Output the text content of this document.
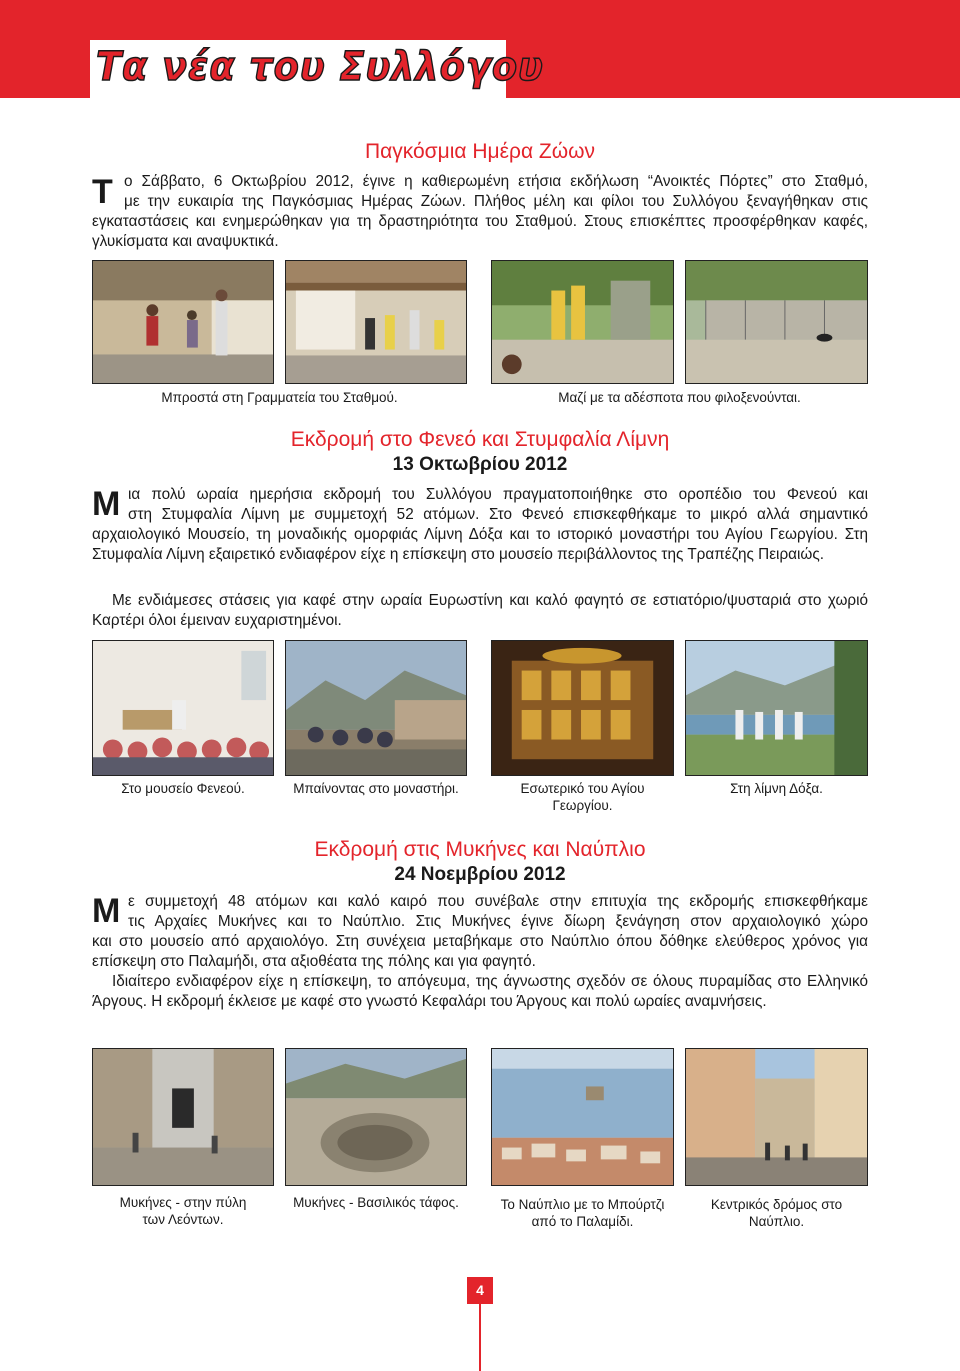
Τα νέα του Συλλόγου
Παγκόσμια Ημέρα Ζώων
Τ ο Σάββατο, 6 Οκτωβρίου 2012, έγινε η καθιερωμένη ετήσια εκδήλωση “Ανοικτές Πόρτες” στο Σταθμό,
με την ευκαιρία της Παγκόσμιας Ημέρας Ζώων. Πλήθος μέλη και φίλοι του Συλλόγου ξεναγήθηκαν στις
εγκαταστάσεις και ενημερώθηκαν για τη δραστηριότητα του Σταθμού. Στους επισκέπτες προσφέρθηκαν καφές, γλυκίσματα και αναψυκτικά.
Μπροστά στη Γραμματεία του Σταθμού.	Μαζί με τα αδέσποτα που φιλοξενούνται.
Εκδρομή στο Φενεό και Στυμφαλία Λίμνη
13 Οκτωβρίου 2012
Μ ια πολύ ωραία ημερήσια εκδρομή του Συλλόγου πραγματοποιήθηκε στο οροπέδιο του Φενεού και
στη Στυμφαλία Λίμνη με συμμετοχή 52 ατόμων. Στο Φενεό επισκεφθήκαμε το μικρό αλλά σημαντικό
αρχαιολογικό Μουσείο, τη μοναδικής ομορφιάς Λίμνη Δόξα και το ιστορικό μοναστήρι του Αγίου Γεωργίου. Στη Στυμφαλία Λίμνη εξαιρετικό ενδιαφέρον είχε η επίσκεψη στο μουσείο περιβάλλοντος της Τραπέζης Πειραιώς.
Με ενδιάμεσες στάσεις για καφέ στην ωραία Ευρωστίνη και καλό φαγητό σε εστιατόριο/ψυσταριά στο χωριό Καρτέρι όλοι έμειναν ευχαριστημένοι.
Στο μουσείο Φενεού.	Μπαίνοντας στο μοναστήρι.	Εσωτερικό του Αγίου Γεωργίου.
Στη λίμνη Δόξα.
Εκδρομή στις Μυκήνες και Ναύπλιο
24 Νοεμβρίου 2012
Μ ε συμμετοχή 48 ατόμων και καλό καιρό που συνέβαλε στην επιτυχία της εκδρομής επισκεφθήκαμε
τις Αρχαίες Μυκήνες και το Ναύπλιο. Στις Μυκήνες έγινε δίωρη ξενάγηση στον αρχαιολογικό χώρο
και στο μουσείο από αρχαιολόγο. Στη συνέχεια μεταβήκαμε στο Ναύπλιο όπου δόθηκε ελεύθερος χρόνος για επίσκεψη στο Παλαμήδι, στα αξιοθέατα της πόλης και για φαγητό.
Ιδιαίτερο ενδιαφέρον είχε η επίσκεψη, το απόγευμα, της άγνωστης σχεδόν σε όλους πυραμίδας στο Ελληνικό Άργους. Η εκδρομή έκλεισε με καφέ στο γνωστό Κεφαλάρι του Άργους και πολύ ωραίες αναμνήσεις.
Μυκήνες - στην πύλη των Λεόντων.
Μυκήνες - Βασιλικός τάφος.	Το Ναύπλιο με το Μπούρτζι από το Παλαμίδι.
Κεντρικός δρόμος στο Ναύπλιο.
4
